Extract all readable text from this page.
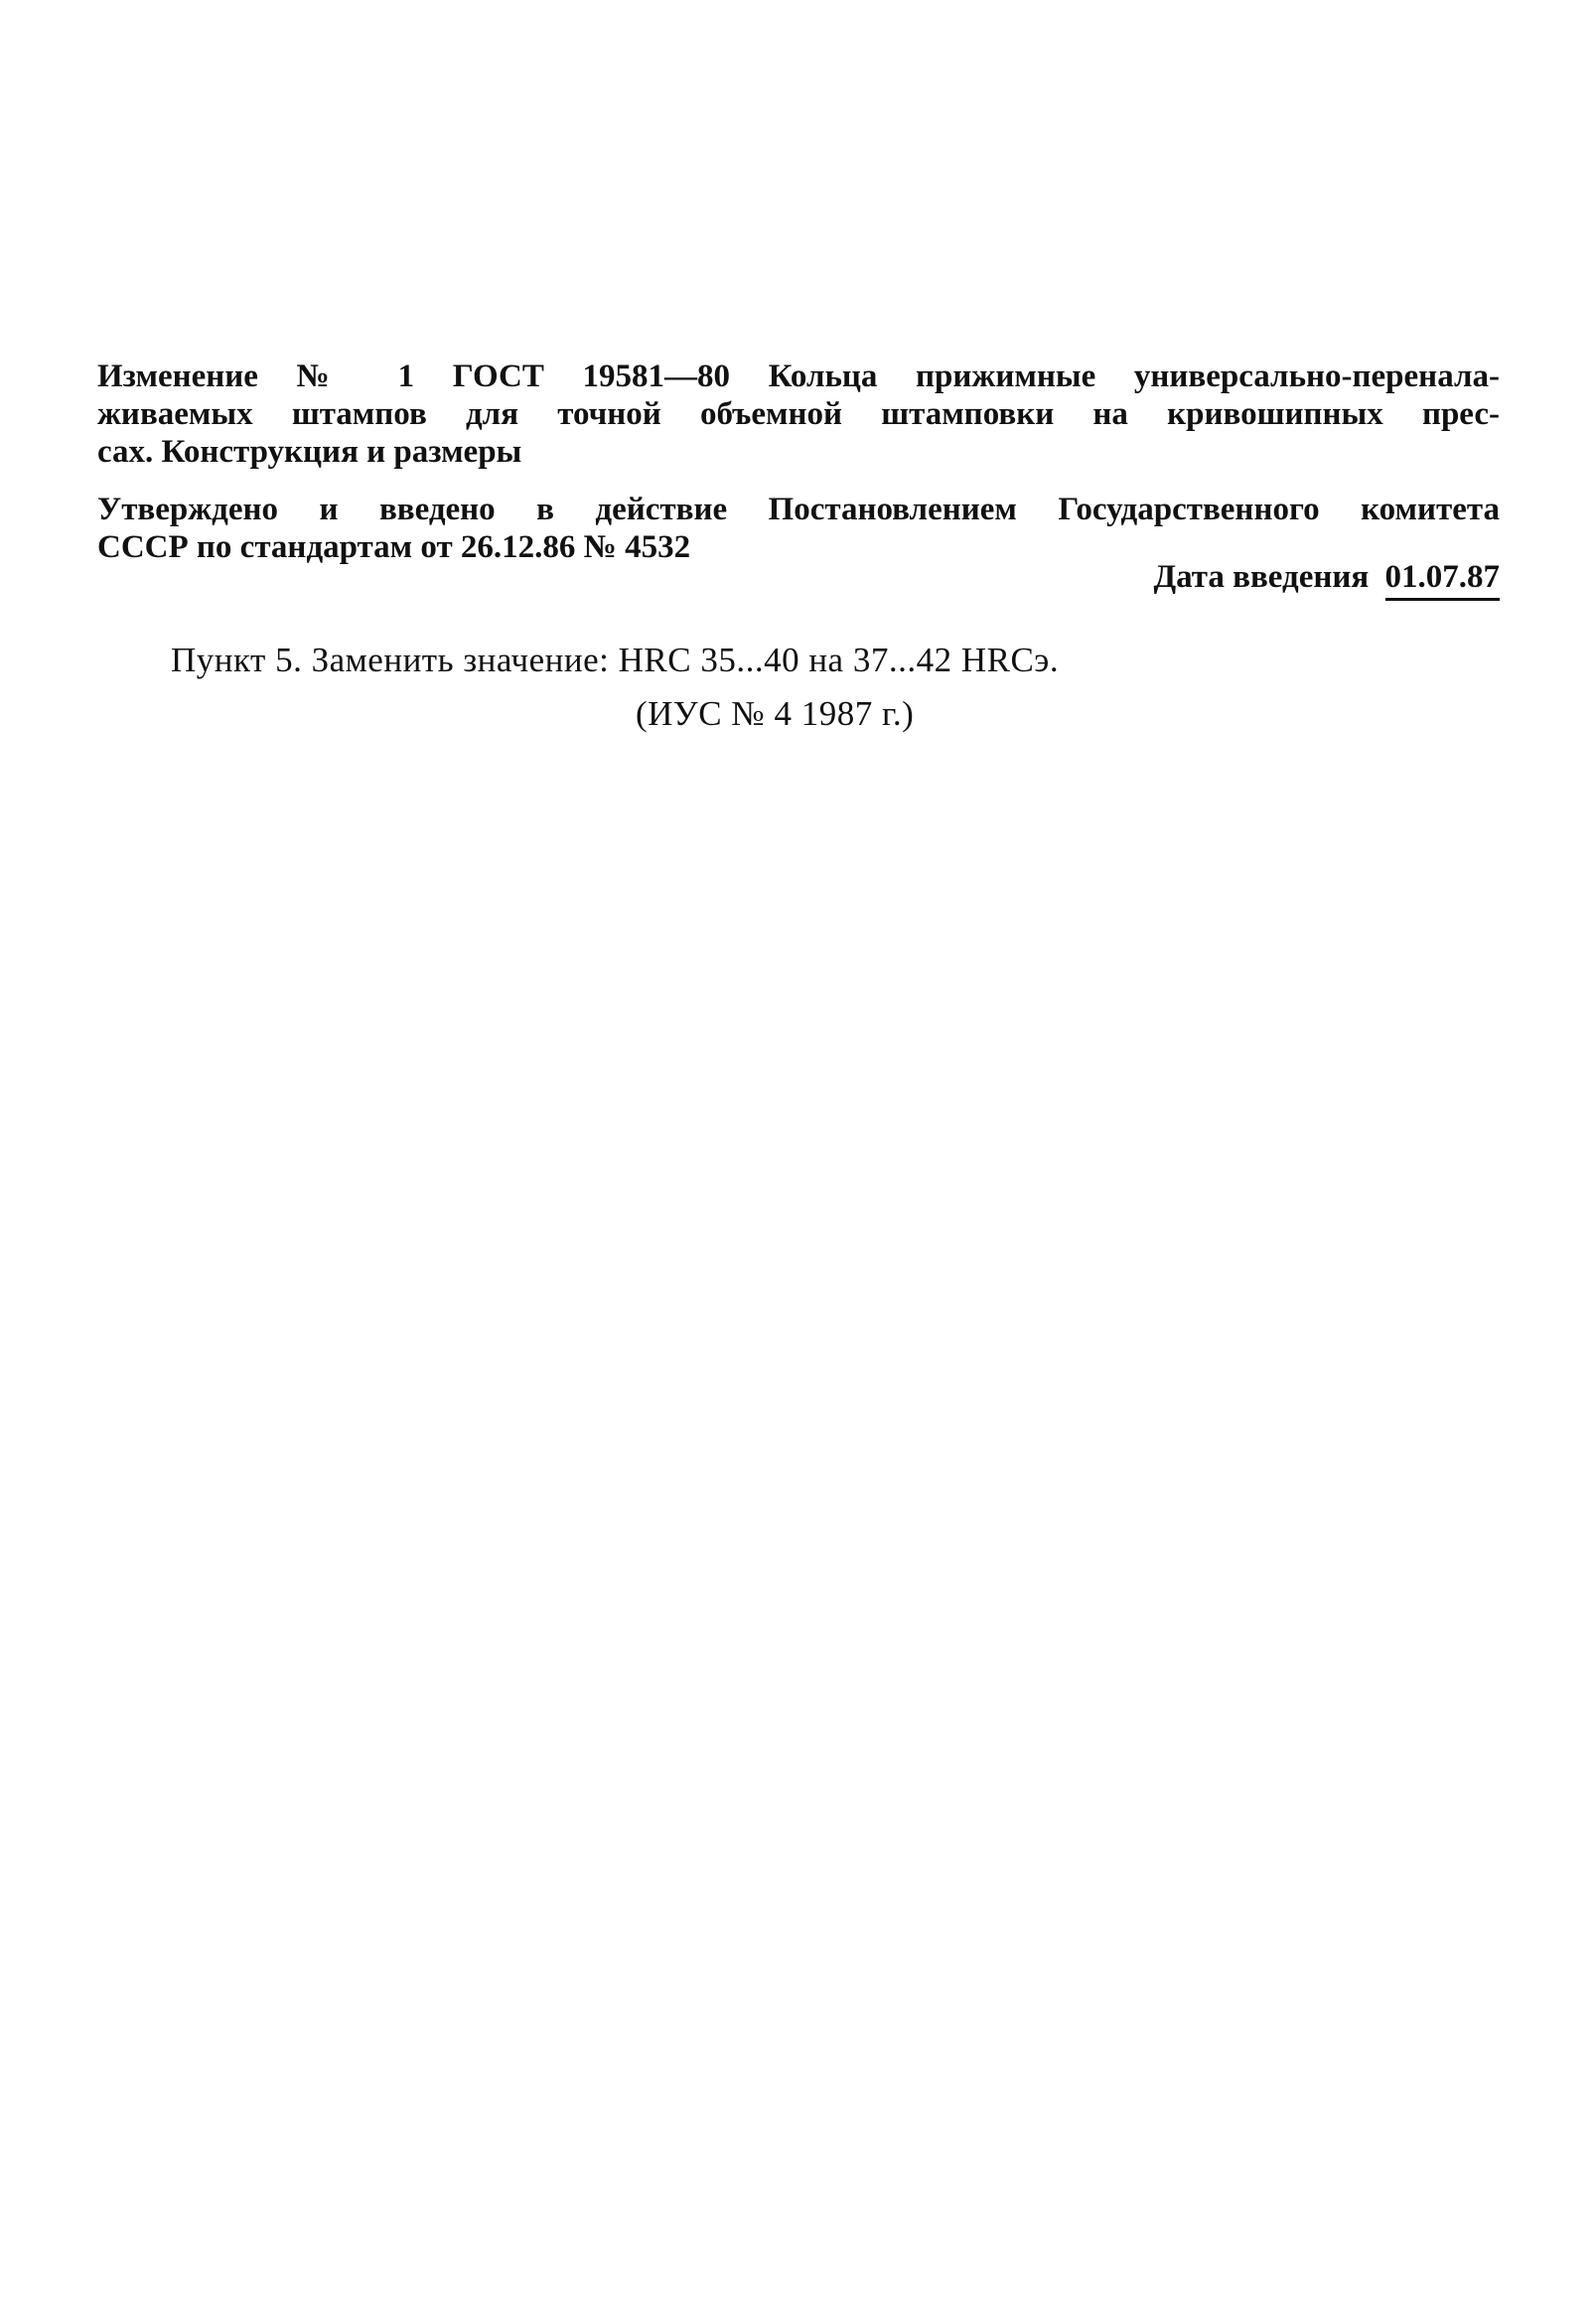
Изменение № 1 ГОСТ 19581—80 Кольца прижимные универсально-перенала-
живаемых штампов для точной объемной штамповки на кривошипных прес-
сах. Конструкция и размеры
Утверждено и введено в действие Постановлением Государственного комитета
СССР по стандартам от 26.12.86 № 4532
Дата введения 01.07.87
Пункт 5. Заменить значение: HRC 35...40 на 37...42 HRCэ.
(ИУС № 4 1987 г.)
